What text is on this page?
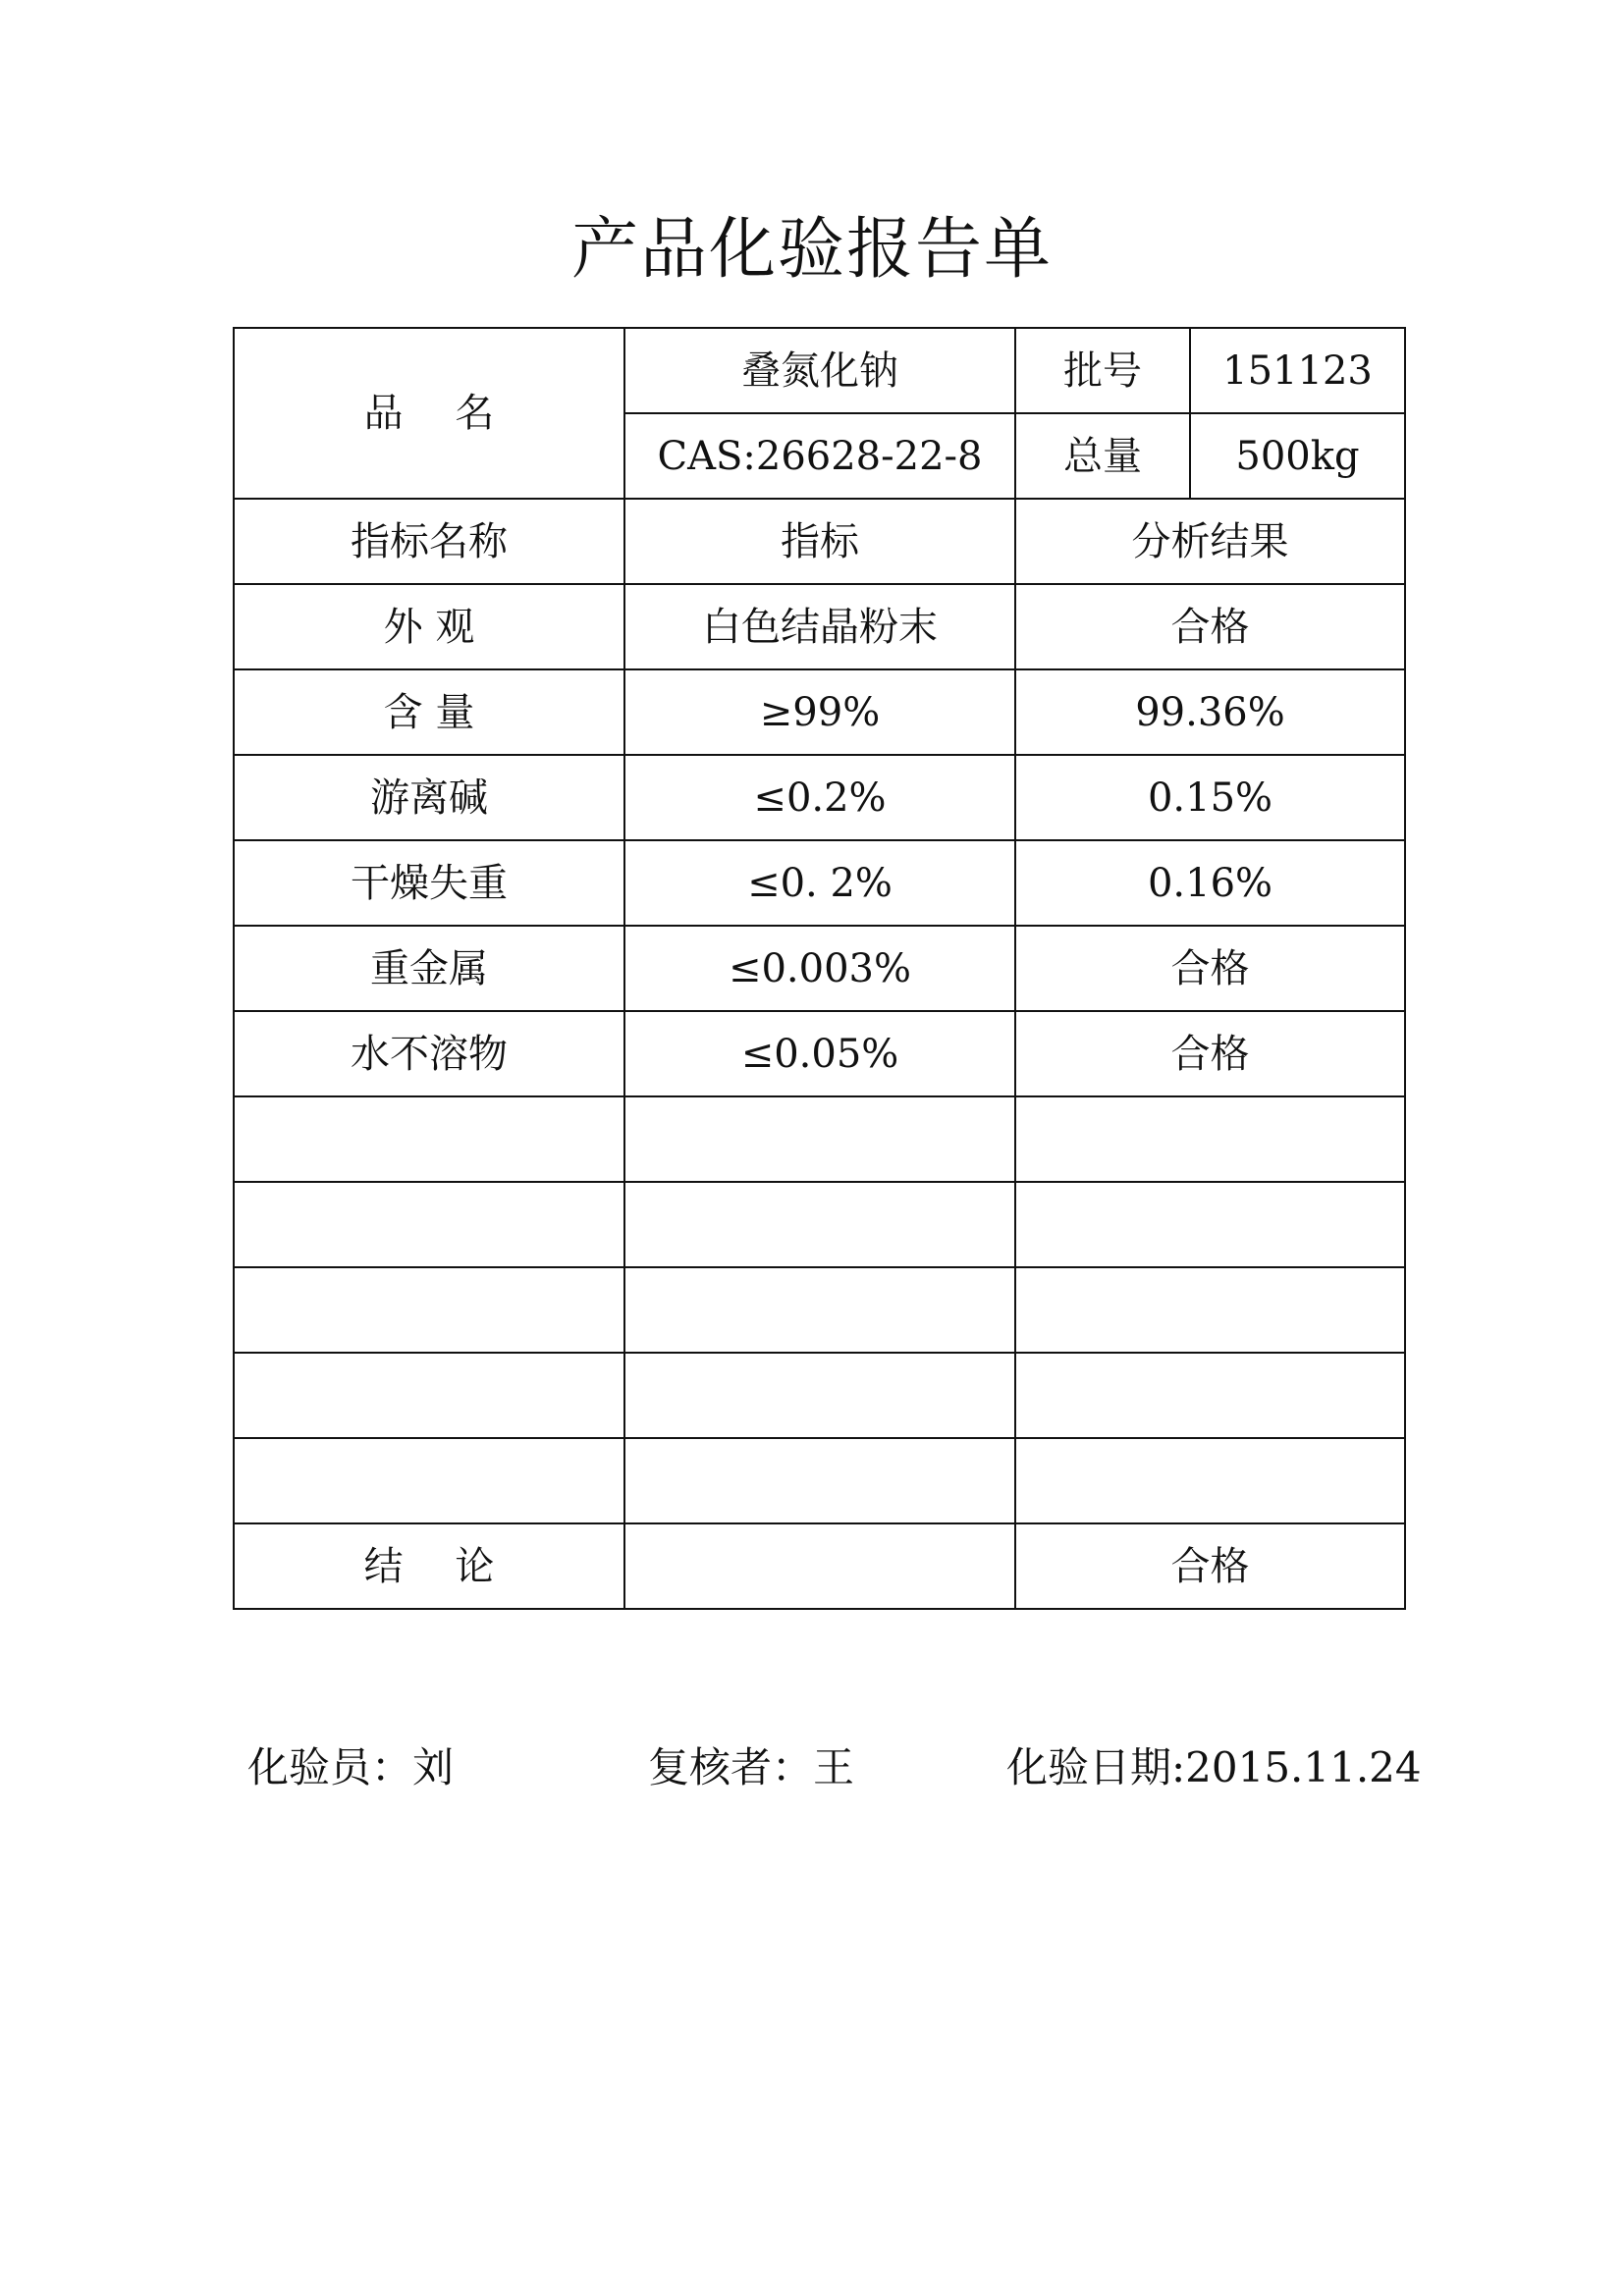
产品化验报告单
品 名	叠氮化钠	批号	151123
	CAS:26628-22-8	总量	500kg
指标名称	指标	分析结果	
外 观	白色结晶粉末	合格	
含 量	≥99%	99.36%	
游离碱	≤0.2%	0.15%	
干燥失重	≤0. 2%	0.16%	
重金属	≤0.003%	合格	
水不溶物	≤0.05%	合格	

结 论		合格	
化验员：刘	复核者：王	化验日期:2015.11.24
